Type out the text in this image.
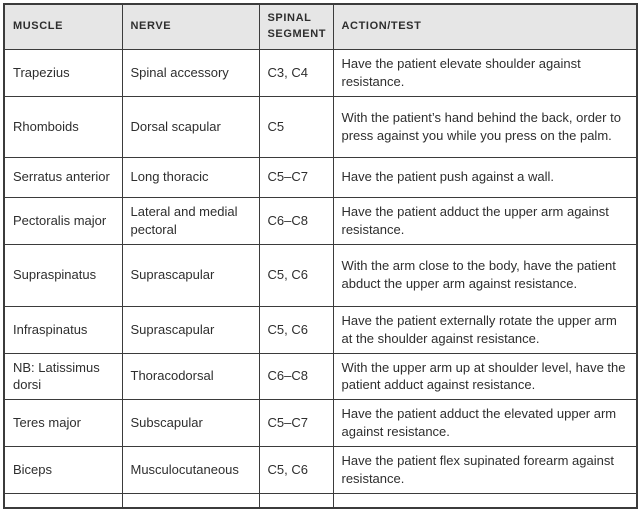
MUSCLE	NERVE	SPINAL SEGMENT	ACTION/TEST
Trapezius	Spinal accessory	C3, C4	Have the patient elevate shoulder against resistance.
Rhomboids	Dorsal scapular	C5	With the patient’s hand behind the back, order to press against you while you press on the palm.
Serratus anterior	Long thoracic	C5–C7	Have the patient push against a wall.
Pectoralis major	Lateral and medial pectoral	C6–C8	Have the patient adduct the upper arm against resistance.
Supraspinatus	Suprascapular	C5, C6	With the arm close to the body, have the patient abduct the upper arm against resistance.
Infraspinatus	Suprascapular	C5, C6	Have the patient externally rotate the upper arm at the shoulder against resistance.
NB: Latissimus dorsi	Thoracodorsal	C6–C8	With the upper arm up at shoulder level, have the patient adduct against resistance.
Teres major	Subscapular	C5–C7	Have the patient adduct the elevated upper arm against resistance.
Biceps	Musculocutaneous	C5, C6	Have the patient flex supinated forearm against resistance.
